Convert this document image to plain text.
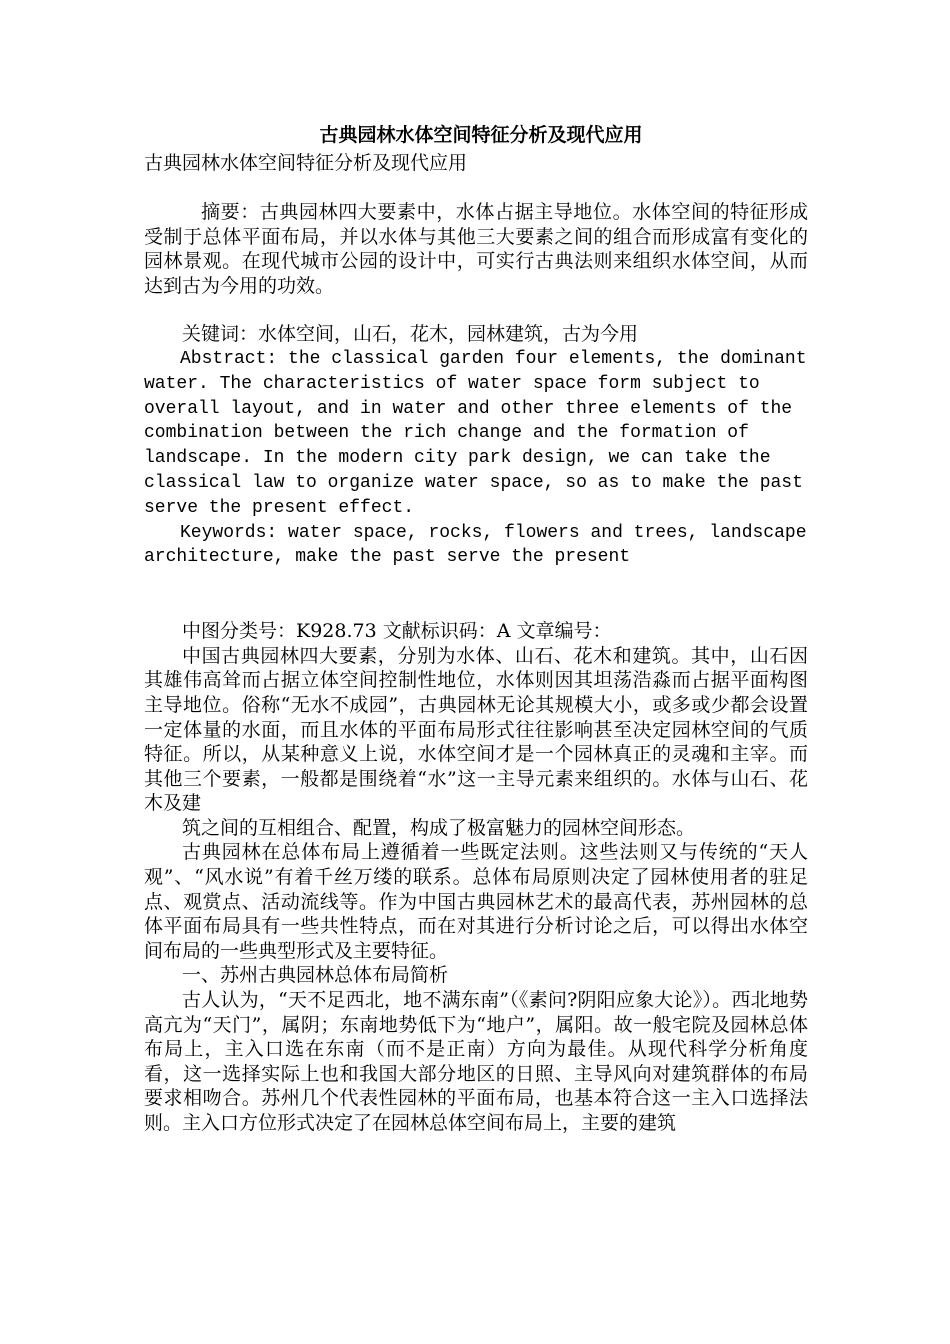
古典园林水体空间特征分析及现代应用

古典园林水体空间特征分析及现代应用

摘要：古典园林四大要素中，水体占据主导地位。水体空间的特征形成受制于总体平面布局，并以水体与其他三大要素之间的组合而形成富有变化的园林景观。在现代城市公园的设计中，可实行古典法则来组织水体空间，从而达到古为今用的功效。

关键词：水体空间，山石，花木，园林建筑，古为今用

Abstract: the classical garden four elements, the dominant water. The characteristics of water space form subject to overall layout, and in water and other three elements of the combination between the rich change and the formation of landscape. In the modern city park design, we can take the classical law to organize water space, so as to make the past serve the present effect.

Keywords: water space, rocks, flowers and trees, landscape architecture, make the past serve the present

中图分类号：K928.73 文献标识码：A 文章编号：

中国古典园林四大要素，分别为水体、山石、花木和建筑。其中，山石因其雄伟高耸而占据立体空间控制性地位，水体则因其坦荡浩淼而占据平面构图主导地位。俗称“无水不成园”，古典园林无论其规模大小，或多或少都会设置一定体量的水面，而且水体的平面布局形式往往影响甚至决定园林空间的气质特征。所以，从某种意义上说，水体空间才是一个园林真正的灵魂和主宰。而其他三个要素，一般都是围绕着“水”这一主导元素来组织的。水体与山石、花木及建

筑之间的互相组合、配置，构成了极富魅力的园林空间形态。

古典园林在总体布局上遵循着一些既定法则。这些法则又与传统的“天人观”、“风水说”有着千丝万缕的联系。总体布局原则决定了园林使用者的驻足点、观赏点、活动流线等。作为中国古典园林艺术的最高代表，苏州园林的总体平面布局具有一些共性特点，而在对其进行分析讨论之后，可以得出水体空间布局的一些典型形式及主要特征。

一、苏州古典园林总体布局简析

古人认为，“天不足西北，地不满东南”（《素问?阴阳应象大论》）。西北地势高亢为“天门”，属阴；东南地势低下为“地户”，属阳。故一般宅院及园林总体布局上，主入口选在东南（而不是正南）方向为最佳。从现代科学分析角度看，这一选择实际上也和我国大部分地区的日照、主导风向对建筑群体的布局要求相吻合。苏州几个代表性园林的平面布局，也基本符合这一主入口选择法则。主入口方位形式决定了在园林总体空间布局上，主要的建筑
